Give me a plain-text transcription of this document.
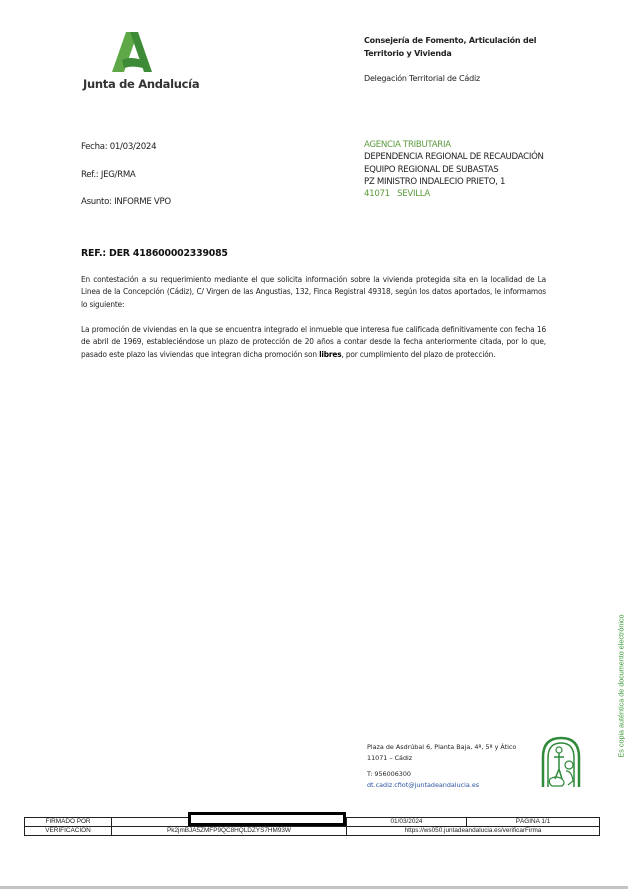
Junta de Andalucía
Consejería de Fomento, Articulación del
Territorio y Vivienda
Delegación Territorial de Cádiz
Fecha: 01/03/2024
Ref.: JEG/RMA
Asunto: INFORME VPO
AGENCIA TRIBUTARIA
DEPENDENCIA REGIONAL DE RECAUDACIÓN
EQUIPO REGIONAL DE SUBASTAS
PZ MINISTRO INDALECIO PRIETO, 1
41071   SEVILLA
REF.: DER 418600002339085
En contestación a su requerimiento mediante el que solicita información sobre la vivienda protegida sita en la localidad de La Linea de la Concepción (Cádiz), C/ Virgen de las Angustias, 132, Finca Registral 49318, según los datos aportados, le informamos lo siguiente:
La promoción de viviendas en la que se encuentra integrado el inmueble que interesa fue calificada definitivamente con fecha 16 de abril de 1969, estableciéndose un plazo de protección de 20 años a contar desde la fecha anteriormente citada, por lo que, pasado este plazo las viviendas que integran dicha promoción son libres, por cumplimiento del plazo de protección.
Plaza de Asdrúbal 6, Planta Baja, 4ª, 5ª y Ático
11071 – Cádiz
T: 956006300
dt.cadiz.cfiot@juntadeandalucia.es
Es copia auténtica de documento electrónico
FIRMADO POR		01/03/2024	PÁGINA 1/1
VERIFICACIÓN	Pk2jmBJA5ZMFP9QC8HQLDZYS7HM93W	https://ws050.juntadeandalucia.es/verificarFirma	
